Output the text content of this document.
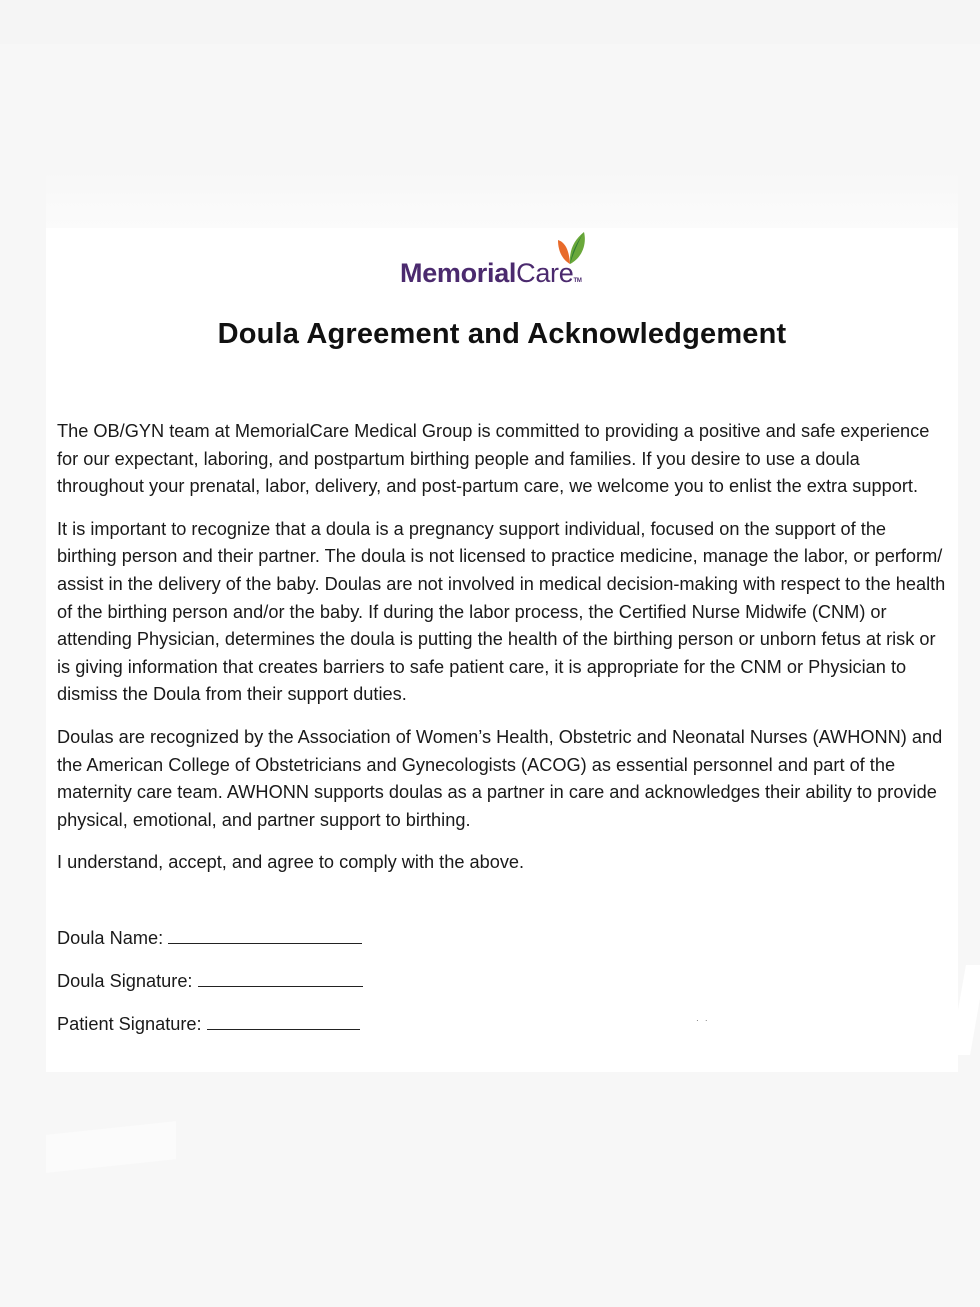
MemorialCareTM
Doula Agreement and Acknowledgement

The OB/GYN team at MemorialCare Medical Group is committed to providing a positive and safe experience for our expectant, laboring, and postpartum birthing people and families. If you desire to use a doula throughout your prenatal, labor, delivery, and post-partum care, we welcome you to enlist the extra support.

It is important to recognize that a doula is a pregnancy support individual, focused on the support of the birthing person and their partner. The doula is not licensed to practice medicine, manage the labor, or perform/ assist in the delivery of the baby. Doulas are not involved in medical decision-making with respect to the health of the birthing person and/or the baby. If during the labor process, the Certified Nurse Midwife (CNM) or attending Physician, determines the doula is putting the health of the birthing person or unborn fetus at risk or is giving information that creates barriers to safe patient care, it is appropriate for the CNM or Physician to dismiss the Doula from their support duties.

Doulas are recognized by the Association of Women’s Health, Obstetric and Neonatal Nurses (AWHONN) and the American College of Obstetricians and Gynecologists (ACOG) as essential personnel and part of the maternity care team. AWHONN supports doulas as a partner in care and acknowledges their ability to provide physical, emotional, and partner support to birthing.

I understand, accept, and agree to comply with the above.

Doula Name:
Doula Signature:
Patient Signature:	· ·
